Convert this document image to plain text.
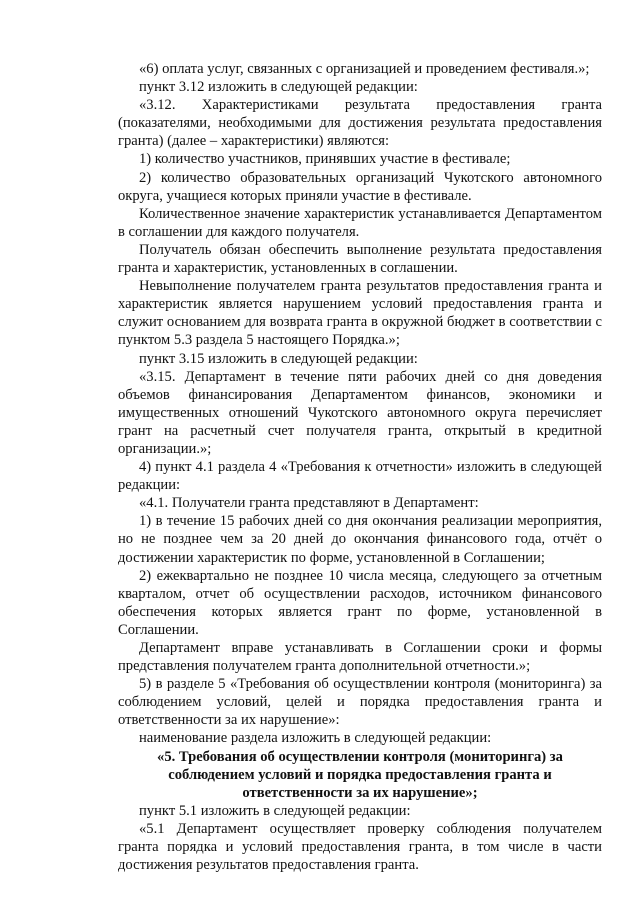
«6) оплата услуг, связанных с организацией и проведением фестиваля.»;

пункт 3.12 изложить в следующей редакции:

«3.12. Характеристиками результата предоставления гранта (показателями, необходимыми для достижения результата предоставления гранта) (далее – характеристики) являются:

1) количество участников, принявших участие в фестивале;

2) количество образовательных организаций Чукотского автономного округа, учащиеся которых приняли участие в фестивале.

Количественное значение характеристик устанавливается Департаментом в соглашении для каждого получателя.

Получатель обязан обеспечить выполнение результата предоставления гранта и характеристик, установленных в соглашении.

Невыполнение получателем гранта результатов предоставления гранта и характеристик является нарушением условий предоставления гранта и служит основанием для возврата гранта в окружной бюджет в соответствии с пунктом 5.3 раздела 5 настоящего Порядка.»;

пункт 3.15 изложить в следующей редакции:

«3.15. Департамент в течение пяти рабочих дней со дня доведения объемов финансирования Департаментом финансов, экономики и имущественных отношений Чукотского автономного округа перечисляет грант на расчетный счет получателя гранта, открытый в кредитной организации.»;

4) пункт 4.1 раздела 4 «Требования к отчетности» изложить в следующей редакции:

«4.1. Получатели гранта представляют в Департамент:

1) в течение 15 рабочих дней со дня окончания реализации мероприятия, но не позднее чем за 20 дней до окончания финансового года, отчёт о достижении характеристик по форме, установленной в Соглашении;

2) ежеквартально не позднее 10 числа месяца, следующего за отчетным кварталом, отчет об осуществлении расходов, источником финансового обеспечения которых является грант по форме, установленной в Соглашении.

Департамент вправе устанавливать в Соглашении сроки и формы представления получателем гранта дополнительной отчетности.»;

5) в разделе 5 «Требования об осуществлении контроля (мониторинга) за соблюдением условий, целей и порядка предоставления гранта и ответственности за их нарушение»:

наименование раздела изложить в следующей редакции:

«5. Требования об осуществлении контроля (мониторинга) за

соблюдением условий и порядка предоставления гранта и

ответственности за их нарушение»;

пункт 5.1 изложить в следующей редакции:

«5.1 Департамент осуществляет проверку соблюдения получателем гранта порядка и условий предоставления гранта, в том числе в части достижения результатов предоставления гранта.
